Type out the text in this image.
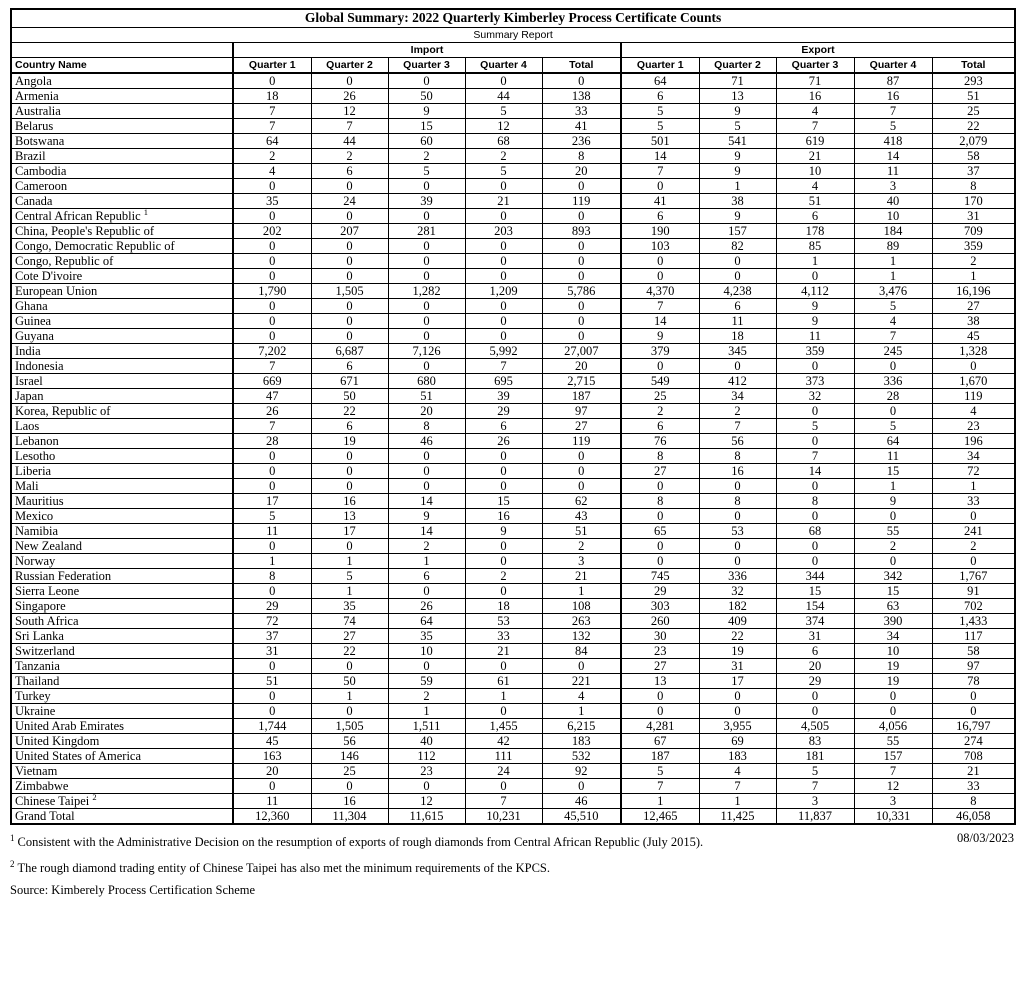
Global Summary: 2022 Quarterly Kimberley Process Certificate Counts										
Summary Report										
	Import					Export				
Country Name	Quarter 1	Quarter 2	Quarter 3	Quarter 4	Total	Quarter 1	Quarter 2	Quarter 3	Quarter 4	Total
Angola	0	0	0	0	0	64	71	71	87	293
Armenia	18	26	50	44	138	6	13	16	16	51
Australia	7	12	9	5	33	5	9	4	7	25
Belarus	7	7	15	12	41	5	5	7	5	22
Botswana	64	44	60	68	236	501	541	619	418	2,079
Brazil	2	2	2	2	8	14	9	21	14	58
Cambodia	4	6	5	5	20	7	9	10	11	37
Cameroon	0	0	0	0	0	0	1	4	3	8
Canada	35	24	39	21	119	41	38	51	40	170
Central African Republic $^1$	0	0	0	0	0	6	9	6	10	31
China, People's Republic of	202	207	281	203	893	190	157	178	184	709
Congo, Democratic Republic of	0	0	0	0	0	103	82	85	89	359
Congo, Republic of	0	0	0	0	0	0	0	1	1	2
Cote D'ivoire	0	0	0	0	0	0	0	0	1	1
European Union	1,790	1,505	1,282	1,209	5,786	4,370	4,238	4,112	3,476	16,196
Ghana	0	0	0	0	0	7	6	9	5	27
Guinea	0	0	0	0	0	14	11	9	4	38
Guyana	0	0	0	0	0	9	18	11	7	45
India	7,202	6,687	7,126	5,992	27,007	379	345	359	245	1,328
Indonesia	7	6	0	7	20	0	0	0	0	0
Israel	669	671	680	695	2,715	549	412	373	336	1,670
Japan	47	50	51	39	187	25	34	32	28	119
Korea, Republic of	26	22	20	29	97	2	2	0	0	4
Laos	7	6	8	6	27	6	7	5	5	23
Lebanon	28	19	46	26	119	76	56	0	64	196
Lesotho	0	0	0	0	0	8	8	7	11	34
Liberia	0	0	0	0	0	27	16	14	15	72
Mali	0	0	0	0	0	0	0	0	1	1
Mauritius	17	16	14	15	62	8	8	8	9	33
Mexico	5	13	9	16	43	0	0	0	0	0
Namibia	11	17	14	9	51	65	53	68	55	241
New Zealand	0	0	2	0	2	0	0	0	2	2
Norway	1	1	1	0	3	0	0	0	0	0
Russian Federation	8	5	6	2	21	745	336	344	342	1,767
Sierra Leone	0	1	0	0	1	29	32	15	15	91
Singapore	29	35	26	18	108	303	182	154	63	702
South Africa	72	74	64	53	263	260	409	374	390	1,433
Sri Lanka	37	27	35	33	132	30	22	31	34	117
Switzerland	31	22	10	21	84	23	19	6	10	58
Tanzania	0	0	0	0	0	27	31	20	19	97
Thailand	51	50	59	61	221	13	17	29	19	78
Turkey	0	1	2	1	4	0	0	0	0	0
Ukraine	0	0	1	0	1	0	0	0	0	0
United Arab Emirates	1,744	1,505	1,511	1,455	6,215	4,281	3,955	4,505	4,056	16,797
United Kingdom	45	56	40	42	183	67	69	83	55	274
United States of America	163	146	112	111	532	187	183	181	157	708
Vietnam	20	25	23	24	92	5	4	5	7	21
Zimbabwe	0	0	0	0	0	7	7	7	12	33
Chinese Taipei $^2$	11	16	12	7	46	1	1	3	3	8
Grand Total	12,360	11,304	11,615	10,231	45,510	12,465	11,425	11,837	10,331	46,058
$^1$ Consistent with the Administrative Decision on the resumption of exports of rough diamonds from Central African Republic (July 2015).	08/03/2023
$^2$ The rough diamond trading entity of Chinese Taipei has also met the minimum requirements of the KPCS.
Source: Kimberely Process Certification Scheme
